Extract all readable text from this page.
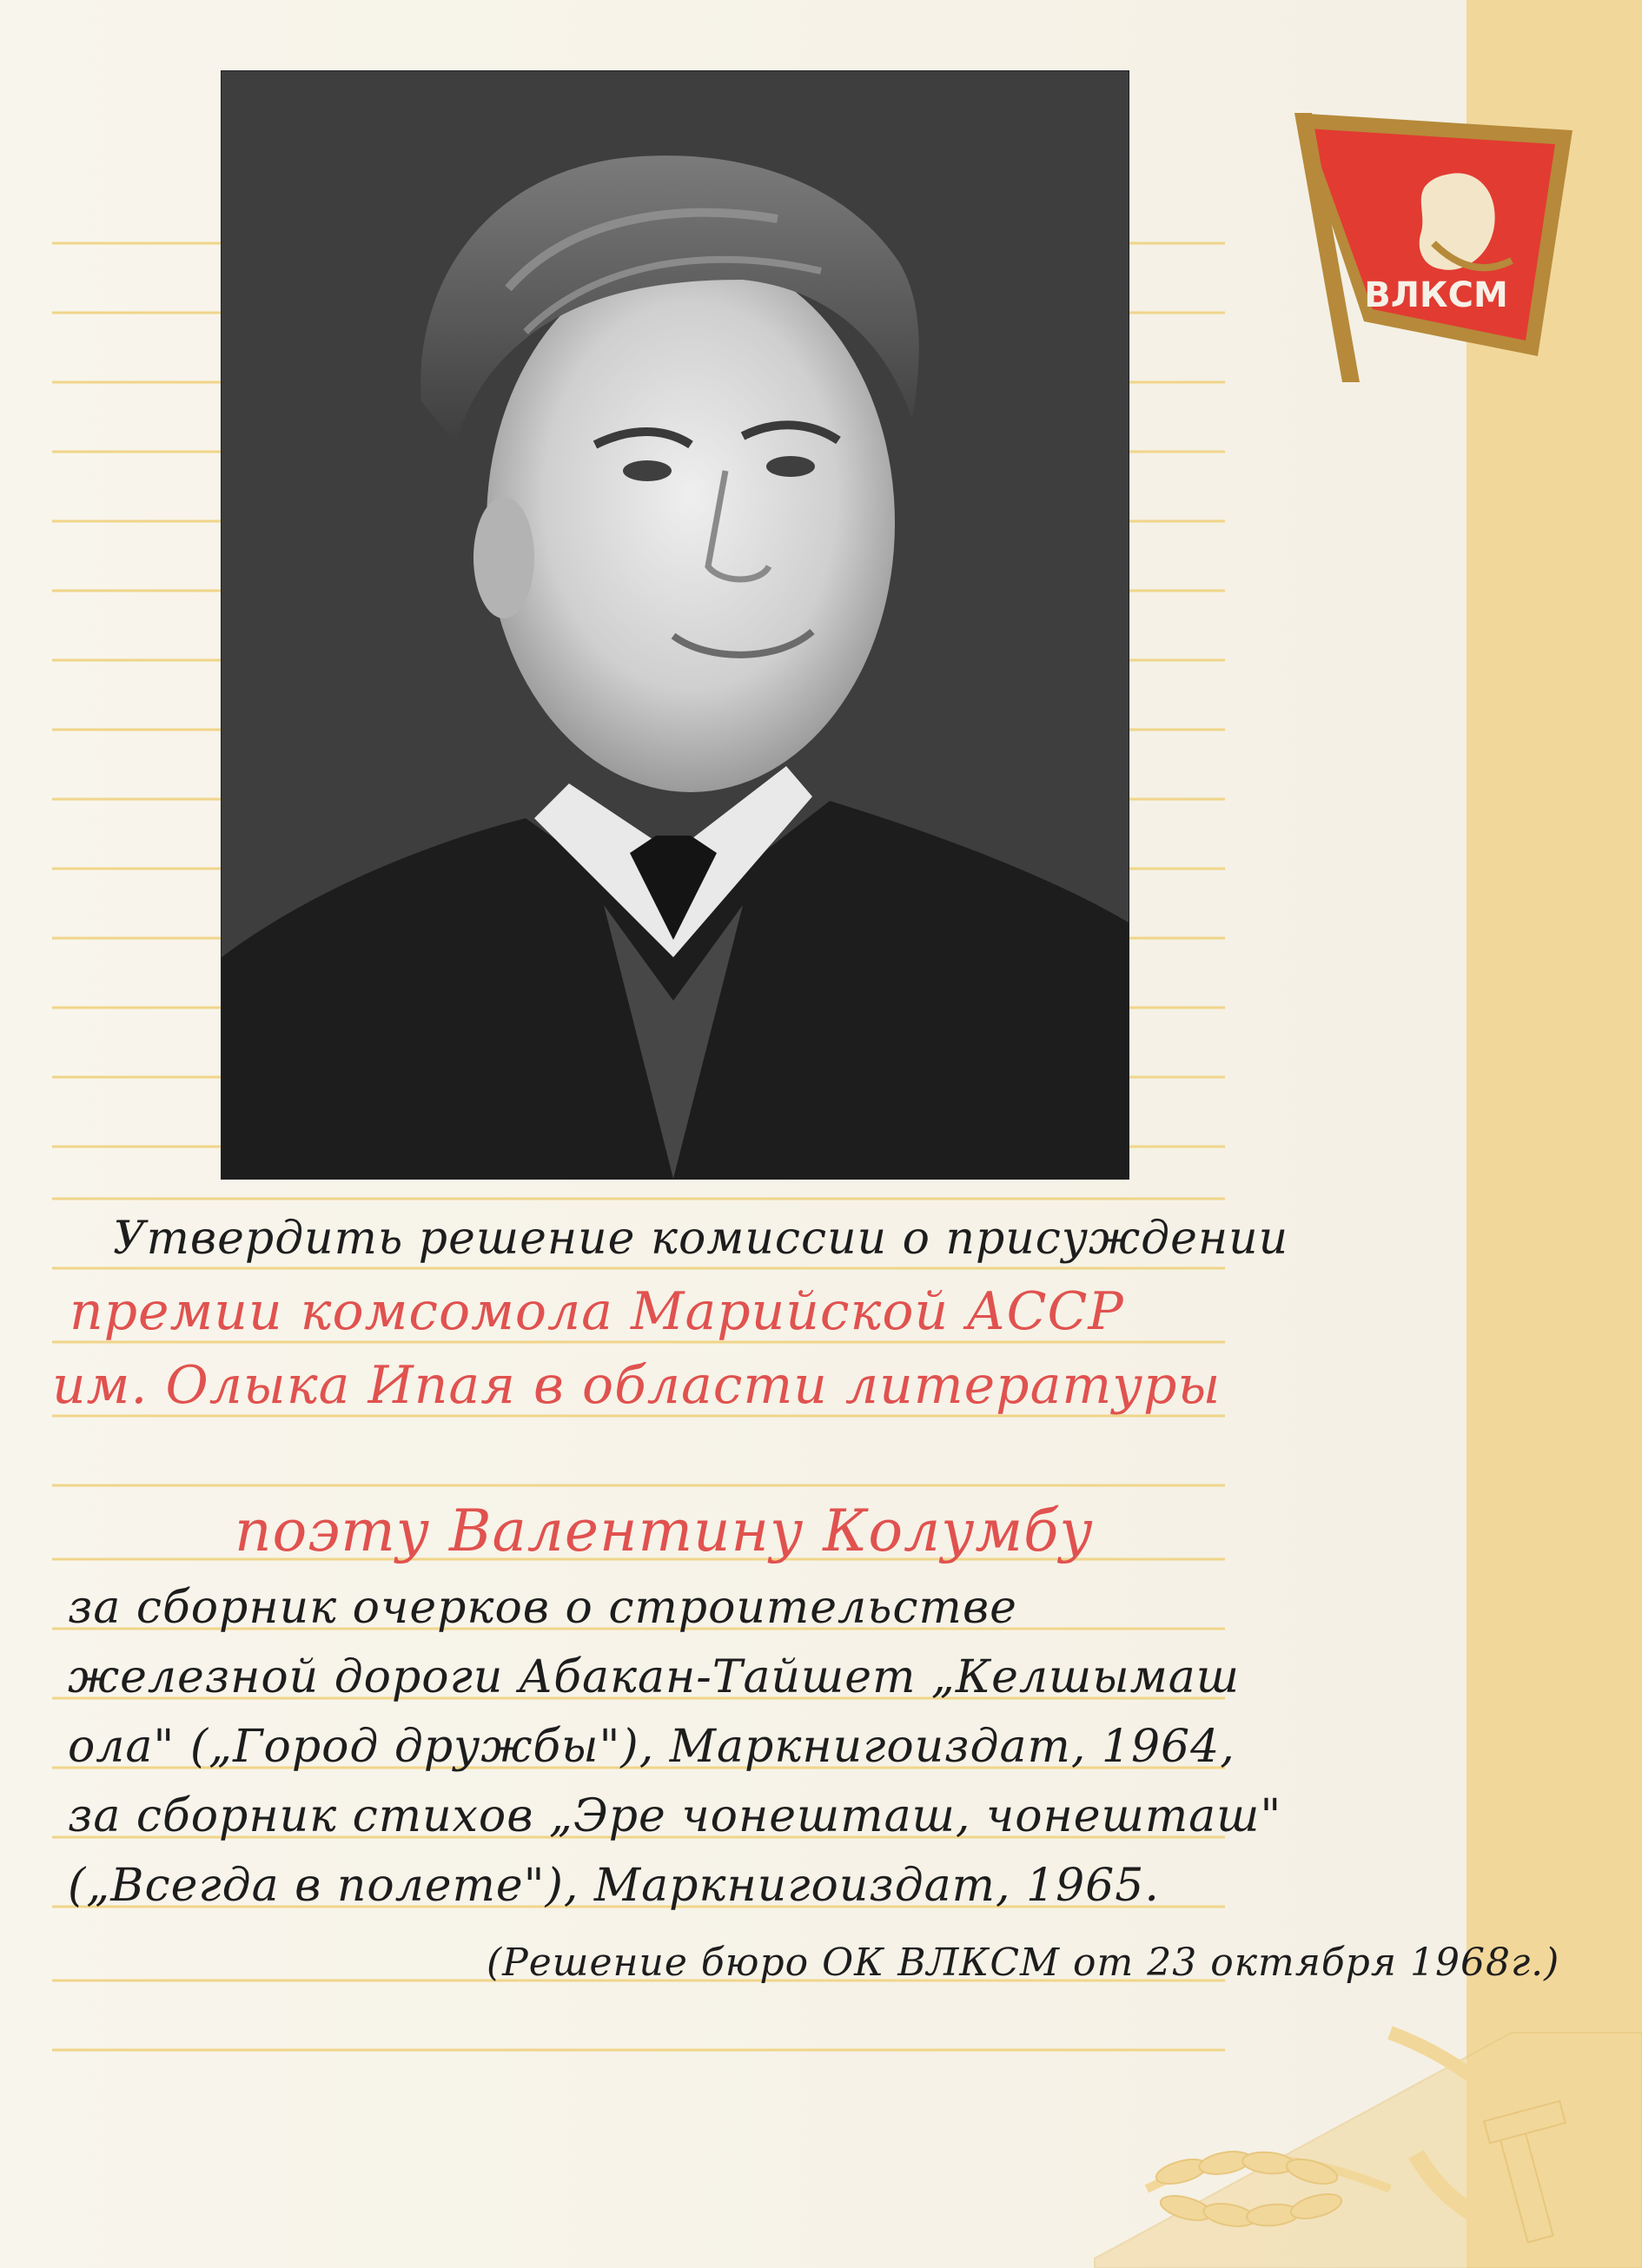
ВЛКСМ
Утвердить решение комиссии о присуждении
премии комсомола Марийской АССР
им. Олыка Ипая в области литературы
поэту Валентину Колумбу
за сборник очерков о строительстве
железной дороги Абакан-Тайшет „Келшымаш
ола" („Город дружбы"), Маркнигоиздат, 1964,
за сборник стихов „Эре чонешташ, чонешташ"
(„Всегда в полете"), Маркнигоиздат, 1965.
(Решение бюро ОК ВЛКСМ от 23 октября 1968г.)
